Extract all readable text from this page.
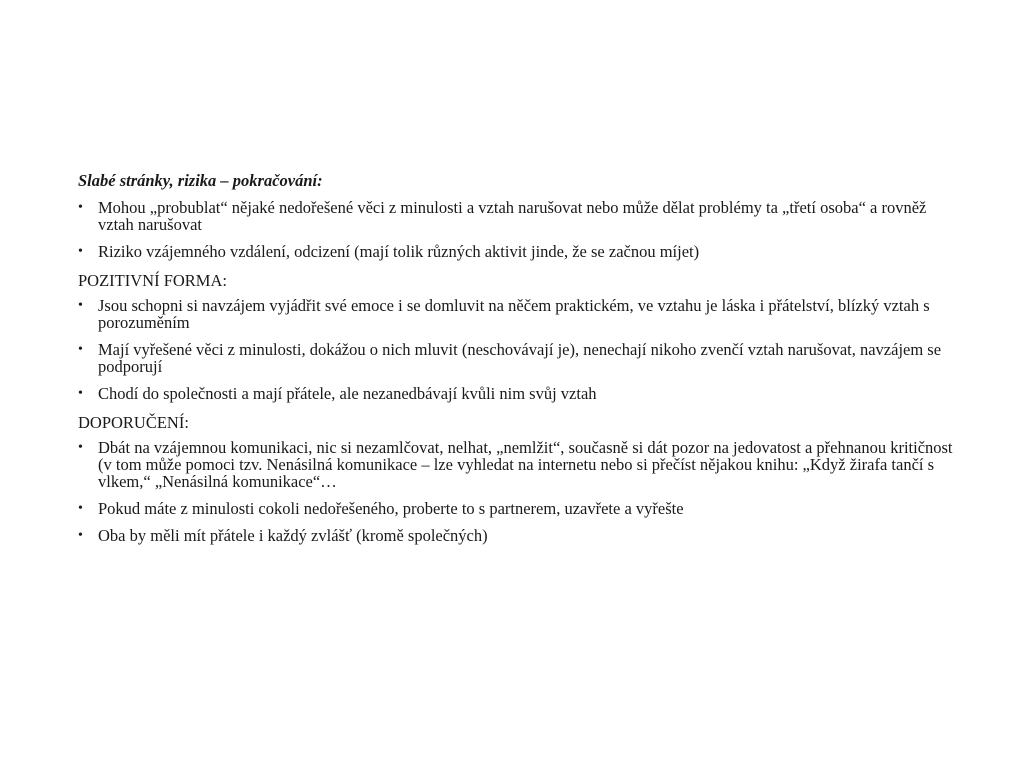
Slabé stránky, rizika – pokračování:
• Mohou „probublat“ nějaké nedořešené věci z minulosti a vztah narušovat nebo může dělat problémy ta „třetí osoba“ a rovněž vztah narušovat
• Riziko vzájemného vzdálení, odcizení (mají tolik různých aktivit jinde, že se začnou míjet)
POZITIVNÍ FORMA:
• Jsou schopni si navzájem vyjádřit své emoce i se domluvit na něčem praktickém, ve vztahu je láska i přátelství, blízký vztah s porozuměním
• Mají vyřešené věci z minulosti, dokážou o nich mluvit (neschovávají je), nenechají nikoho zvenčí vztah narušovat, navzájem se podporují
• Chodí do společnosti a mají přátele, ale nezanedbávají kvůli nim svůj vztah
DOPORUČENÍ:
• Dbát na vzájemnou komunikaci, nic si nezamlčovat, nelhat, „nemlžit“, současně si dát pozor na jedovatost a přehnanou kritičnost (v tom může pomoci tzv. Nenásilná komunikace – lze vyhledat na internetu nebo si přečíst nějakou knihu: „Když žirafa tančí s vlkem,“ „Nenásilná komunikace“…
• Pokud máte z minulosti cokoli nedořešeného, proberte to s partnerem, uzavřete a vyřešte
• Oba by měli mít přátele i každý zvlášť (kromě společných)
